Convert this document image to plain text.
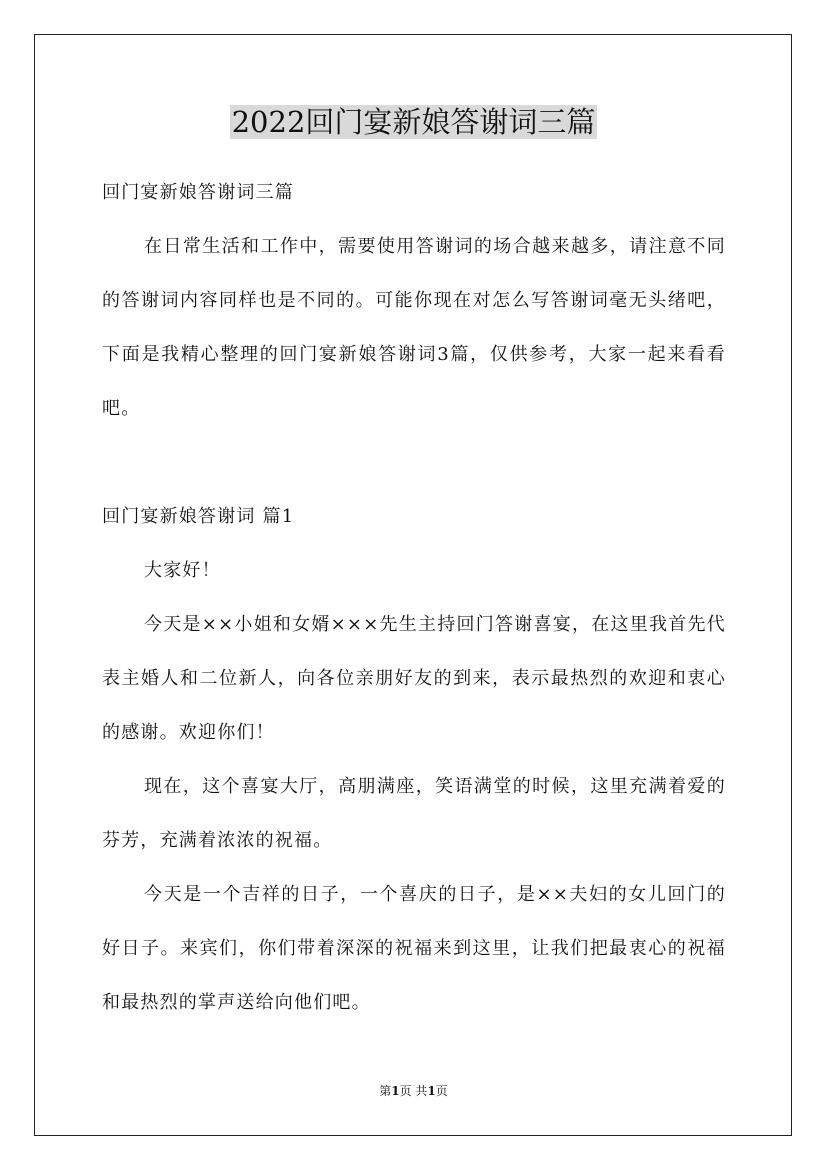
2022回门宴新娘答谢词三篇

回门宴新娘答谢词三篇

在日常生活和工作中，需要使用答谢词的场合越来越多，请注意不同的答谢词内容同样也是不同的。可能你现在对怎么写答谢词毫无头绪吧，下面是我精心整理的回门宴新娘答谢词3篇，仅供参考，大家一起来看看吧。

回门宴新娘答谢词 篇1

大家好！

今天是××小姐和女婿×××先生主持回门答谢喜宴，在这里我首先代表主婚人和二位新人，向各位亲朋好友的到来，表示最热烈的欢迎和衷心的感谢。欢迎你们！

现在，这个喜宴大厅，高朋满座，笑语满堂的时候，这里充满着爱的芬芳，充满着浓浓的祝福。

今天是一个吉祥的日子，一个喜庆的日子，是××夫妇的女儿回门的好日子。来宾们，你们带着深深的祝福来到这里，让我们把最衷心的祝福和最热烈的掌声送给向他们吧。

第1页 共1页
